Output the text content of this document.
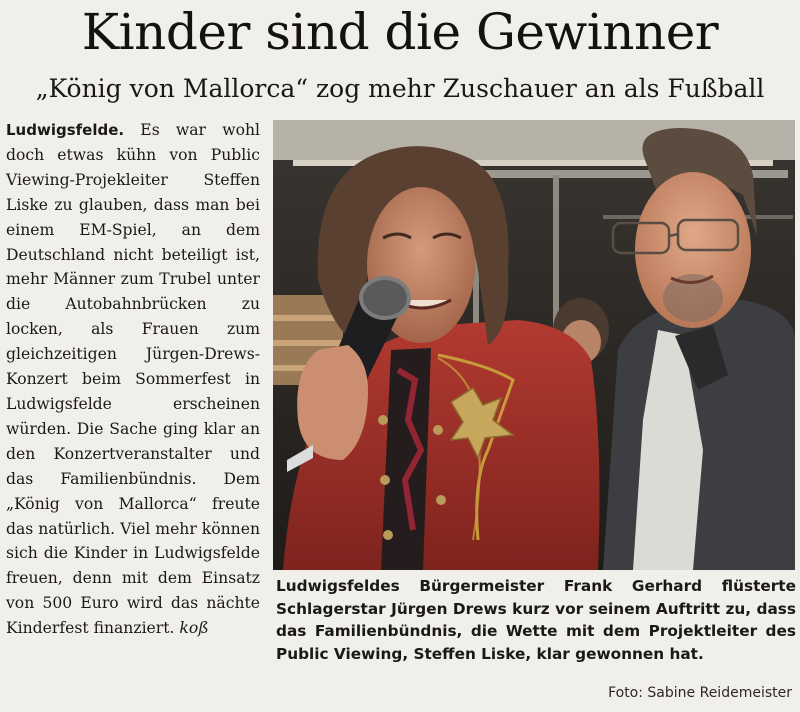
Kinder sind die Gewinner
„König von Mallorca“ zog mehr Zuschauer an als Fußball
Ludwigsfelde. Es war wohl doch etwas kühn von Public Viewing-Projekleiter Steffen Liske zu glauben, dass man bei einem EM-Spiel, an dem Deutschland nicht beteiligt ist, mehr Männer zum Trubel unter die Autobahnbrücken zu locken, als Frauen zum gleichzeitigen Jürgen-Drews-Konzert beim Sommerfest in Ludwigsfelde erscheinen würden. Die Sache ging klar an den Konzertveranstalter und das Familienbündnis. Dem „König von Mallorca“ freute das natürlich. Viel mehr können sich die Kinder in Ludwigsfelde freuen, denn mit dem Einsatz von 500 Euro wird das nächte Kinderfest finanziert. koß
Ludwigsfeldes Bürgermeister Frank Gerhard flüsterte Schlagerstar Jürgen Drews kurz vor seinem Auftritt zu, dass das Familienbündnis, die Wette mit dem Projektleiter des Public Viewing, Steffen Liske, klar gewonnen hat.
Foto: Sabine Reidemeister
